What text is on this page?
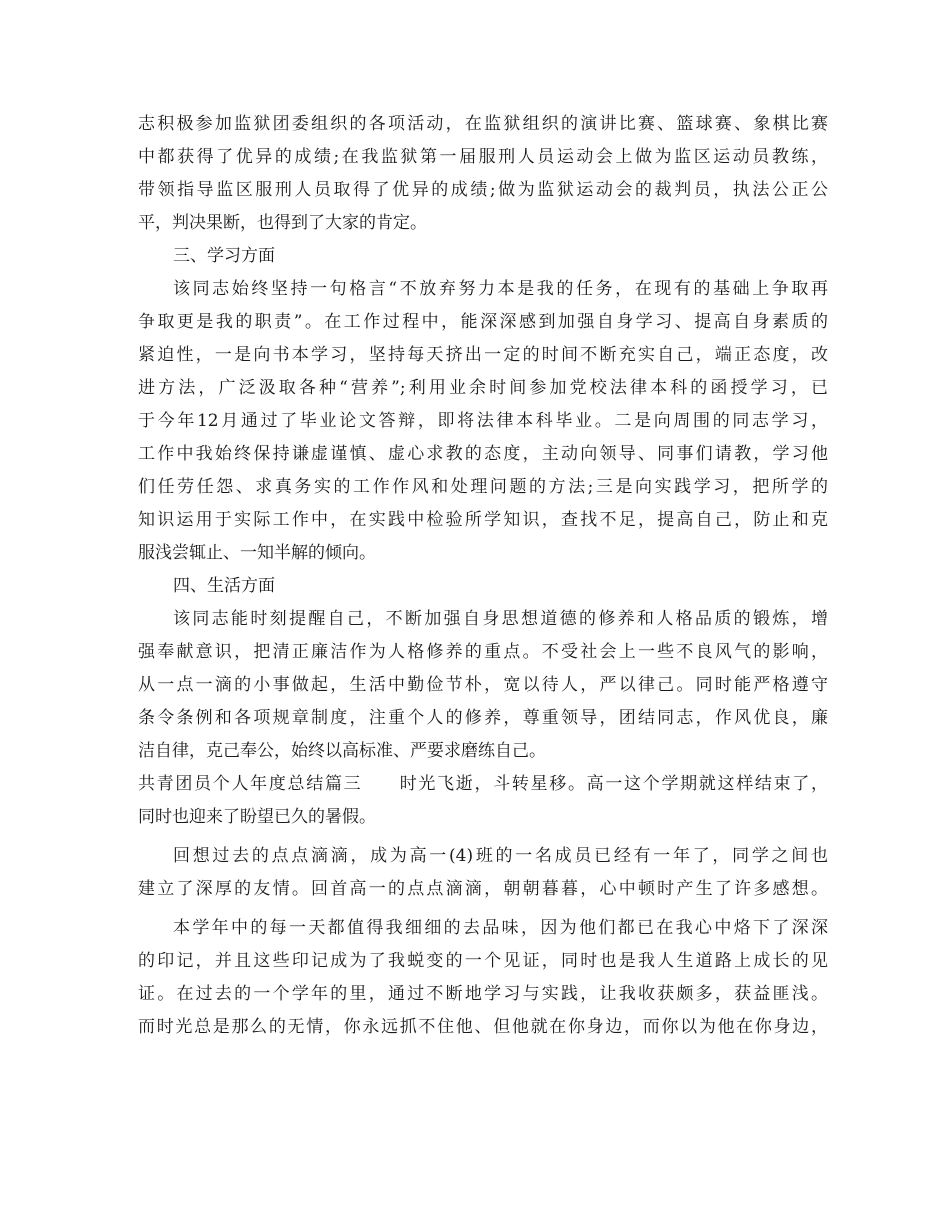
志积极参加监狱团委组织的各项活动，在监狱组织的演讲比赛、篮球赛、象棋比赛
中都获得了优异的成绩;在我监狱第一届服刑人员运动会上做为监区运动员教练，
带领指导监区服刑人员取得了优异的成绩;做为监狱运动会的裁判员，执法公正公
平，判决果断，也得到了大家的肯定。
三、学习方面
该同志始终坚持一句格言“不放弃努力本是我的任务，在现有的基础上争取再
争取更是我的职责”。在工作过程中，能深深感到加强自身学习、提高自身素质的
紧迫性，一是向书本学习，坚持每天挤出一定的时间不断充实自己，端正态度，改
进方法，广泛汲取各种“营养”;利用业余时间参加党校法律本科的函授学习，已
于今年12月通过了毕业论文答辩，即将法律本科毕业。二是向周围的同志学习，
工作中我始终保持谦虚谨慎、虚心求教的态度，主动向领导、同事们请教，学习他
们任劳任怨、求真务实的工作作风和处理问题的方法;三是向实践学习，把所学的
知识运用于实际工作中，在实践中检验所学知识，查找不足，提高自己，防止和克
服浅尝辄止、一知半解的倾向。
四、生活方面
该同志能时刻提醒自己，不断加强自身思想道德的修养和人格品质的锻炼，增
强奉献意识，把清正廉洁作为人格修养的重点。不受社会上一些不良风气的影响，
从一点一滴的小事做起，生活中勤俭节朴，宽以待人，严以律己。同时能严格遵守
条令条例和各项规章制度，注重个人的修养，尊重领导，团结同志，作风优良，廉
洁自律，克己奉公，始终以高标准、严要求磨练自己。
共青团员个人年度总结篇三　　时光飞逝，斗转星移。高一这个学期就这样结束了，
同时也迎来了盼望已久的暑假。
回想过去的点点滴滴，成为高一(4)班的一名成员已经有一年了，同学之间也
建立了深厚的友情。回首高一的点点滴滴，朝朝暮暮，心中顿时产生了许多感想。
本学年中的每一天都值得我细细的去品味，因为他们都已在我心中烙下了深深
的印记，并且这些印记成为了我蜕变的一个见证，同时也是我人生道路上成长的见
证。在过去的一个学年的里，通过不断地学习与实践，让我收获颇多，获益匪浅。
而时光总是那么的无情，你永远抓不住他、但他就在你身边，而你以为他在你身边，
